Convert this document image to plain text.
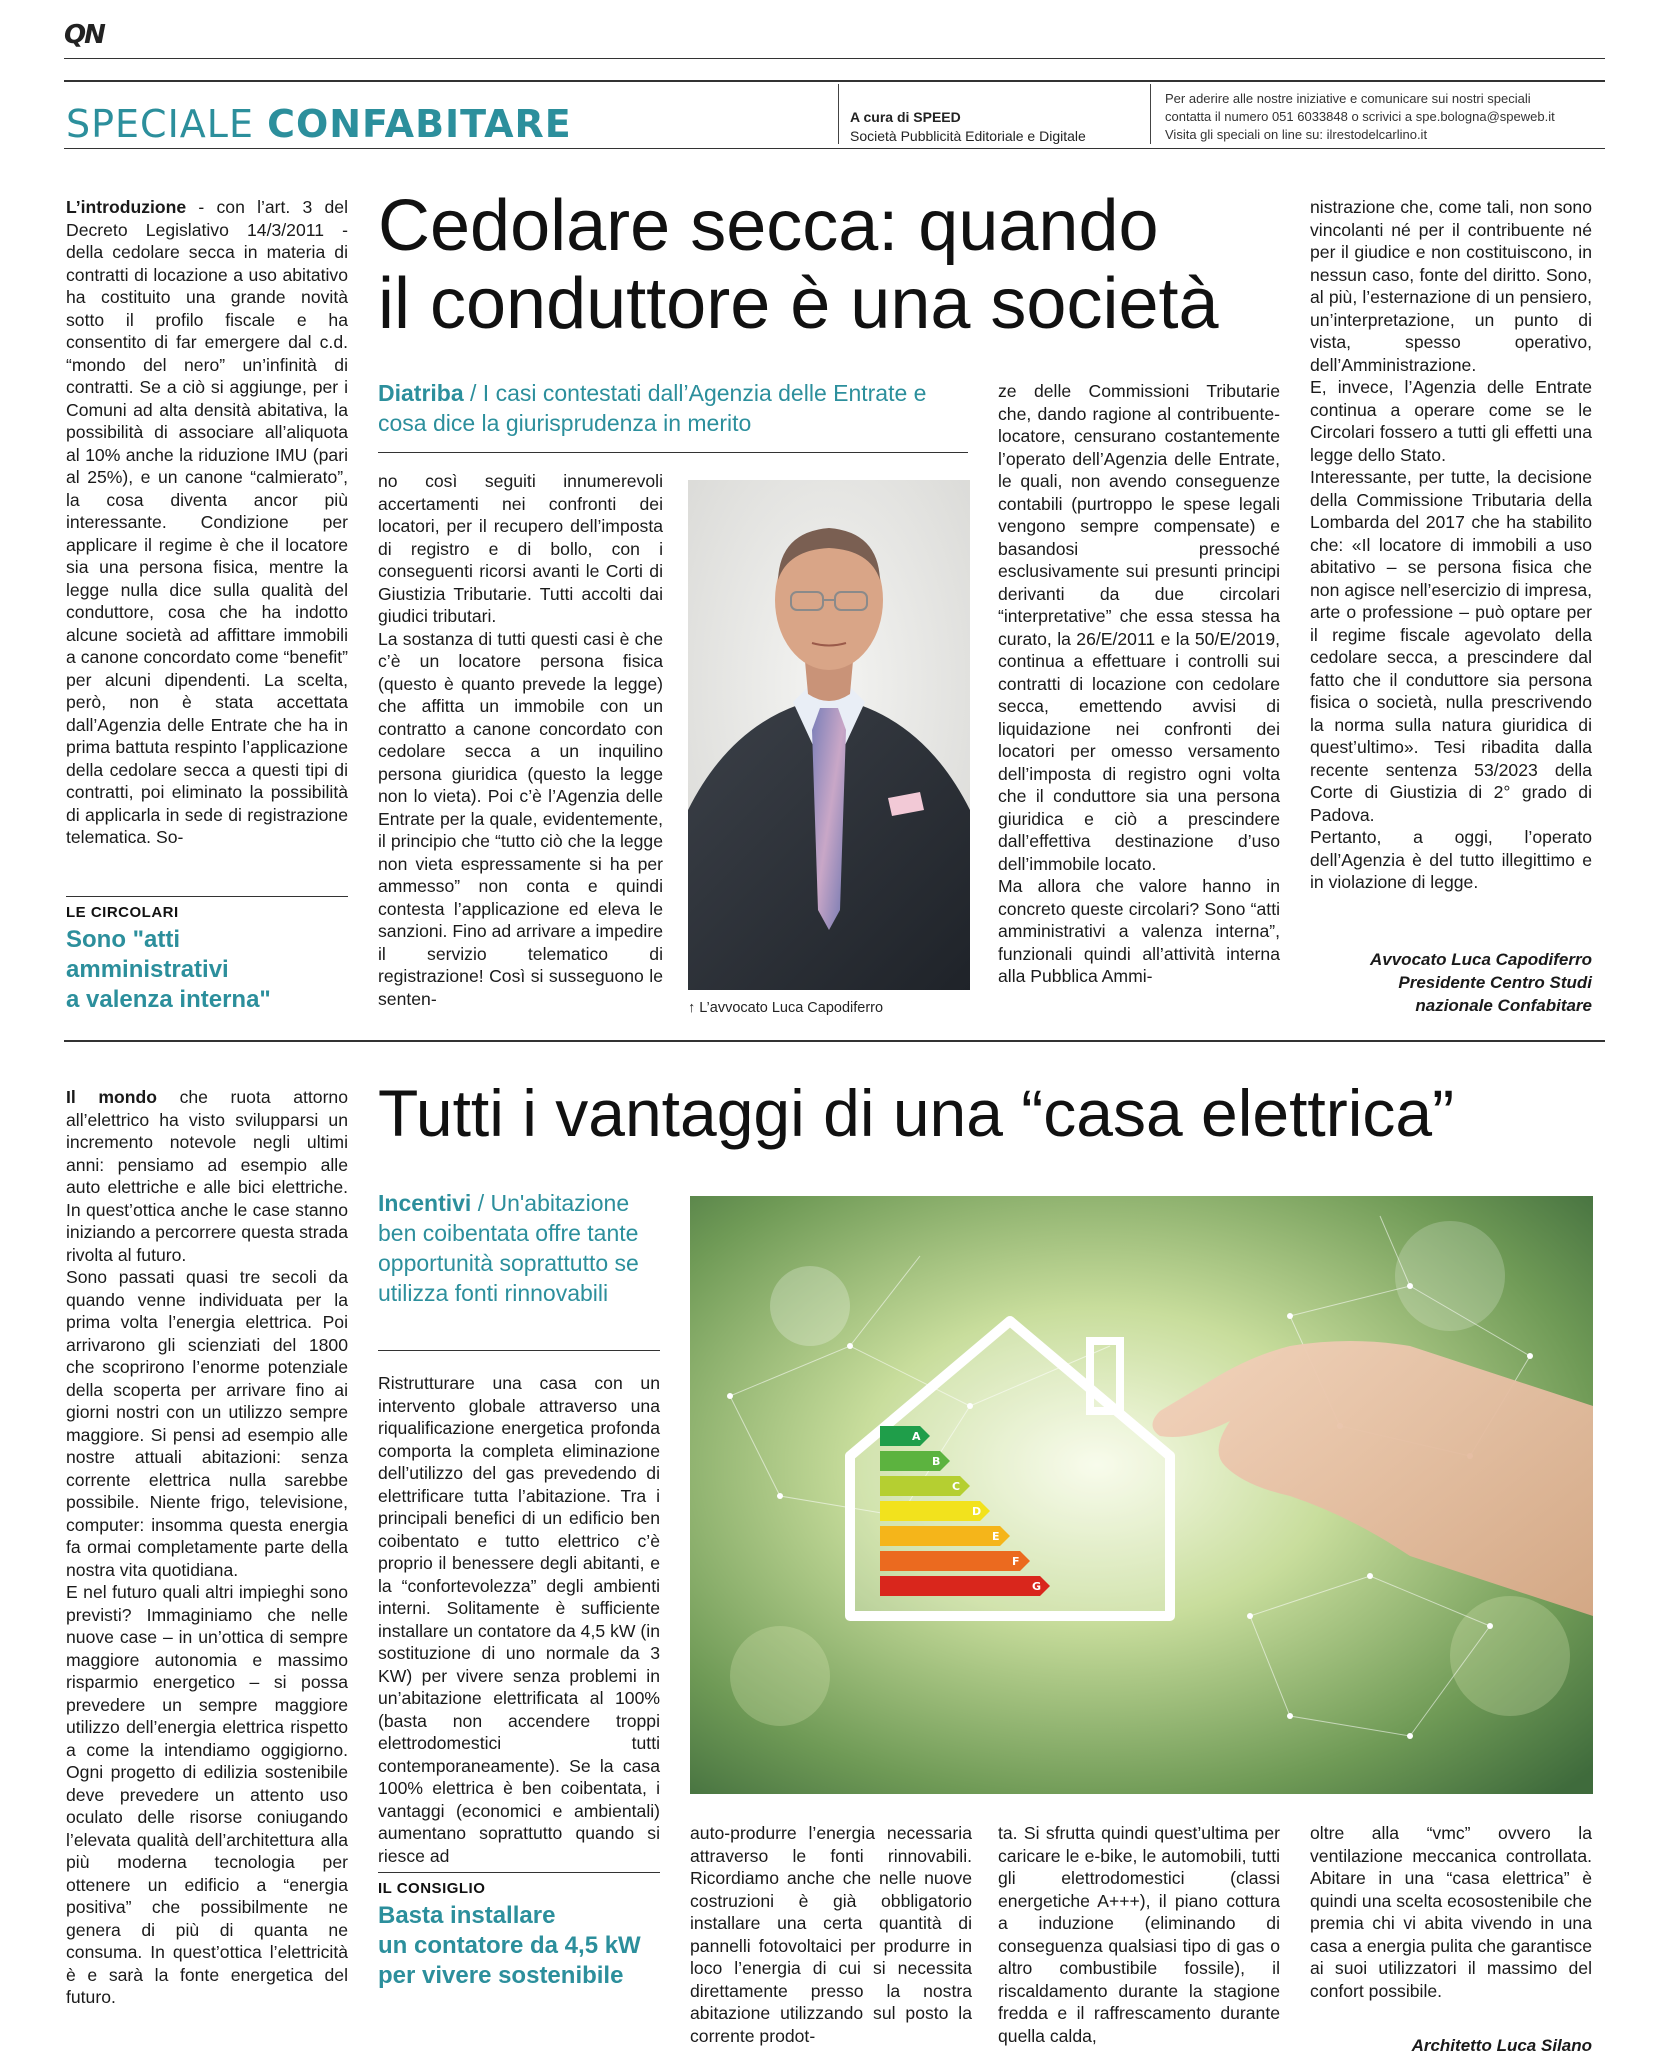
QN
SPECIALE CONFABITARE	A cura di SPEED
Società Pubblicità Editoriale e Digitale
Per aderire alle nostre iniziative e comunicare sui nostri speciali
contatta il numero 051 6033848 o scrivici a spe.bologna@speweb.it
Visita gli speciali on line su: ilrestodelcarlino.it

L’introduzione - con l’art. 3 del Decreto Legislativo 14/3/2011 - della cedolare secca in materia di contratti di locazione a uso abitativo ha costituito una grande novità sotto il profilo fiscale e ha consentito di far emergere dal c.d. “mondo del nero” un’infinità di contratti. Se a ciò si aggiunge, per i Comuni ad alta densità abitativa, la possibilità di associare all’aliquota al 10% anche la riduzione IMU (pari al 25%), e un canone “calmierato”, la cosa diventa ancor più interessante. Condizione per applicare il regime è che il locatore sia una persona fisica, mentre la legge nulla dice sulla qualità del conduttore, cosa che ha indotto alcune società ad affittare immobili a canone concordato come “benefit” per alcuni dipendenti. La scelta, però, non è stata accettata dall’Agenzia delle Entrate che ha in prima battuta respinto l’applicazione della cedolare secca a questi tipi di contratti, poi eliminato la possibilità di applicarla in sede di registrazione telematica. So-

LE CIRCOLARI
Sono "atti
amministrativi
a valenza interna"
Cedolare secca: quando
il conduttore è una società
Diatriba / I casi contestati dall’Agenzia delle Entrate e cosa dice la giurisprudenza in merito

no così seguiti innumerevoli accertamenti nei confronti dei locatori, per il recupero dell’imposta di registro e di bollo, con i conseguenti ricorsi avanti le Corti di Giustizia Tributarie. Tutti accolti dai giudici tributari.

La sostanza di tutti questi casi è che c’è un locatore persona fisica (questo è quanto prevede la legge) che affitta un immobile con un contratto a canone concordato con cedolare secca a un inquilino persona giuridica (questo la legge non lo vieta). Poi c’è l’Agenzia delle Entrate per la quale, evidentemente, il principio che “tutto ciò che la legge non vieta espressamente si ha per ammesso” non conta e quindi contesta l’applicazione ed eleva le sanzioni. Fino ad arrivare a impedire il servizio telematico di registrazione! Così si susseguono le senten-	↑ L’avvocato Luca Capodiferro

ze delle Commissioni Tributarie che, dando ragione al contribuente-locatore, censurano costantemente l’operato dell’Agenzia delle Entrate, le quali, non avendo conseguenze contabili (purtroppo le spese legali vengono sempre compensate) e basandosi pressoché esclusivamente sui presunti principi derivanti da due circolari “interpretative” che essa stessa ha curato, la 26/E/2011 e la 50/E/2019, continua a effettuare i controlli sui contratti di locazione con cedolare secca, emettendo avvisi di liquidazione nei confronti dei locatori per omesso versamento dell’imposta di registro ogni volta che il conduttore sia una persona giuridica e ciò a prescindere dall’effettiva destinazione d’uso dell’immobile locato.

Ma allora che valore hanno in concreto queste circolari? Sono “atti amministrativi a valenza interna”, funzionali quindi all’attività interna alla Pubblica Ammi-

nistrazione che, come tali, non sono vincolanti né per il contribuente né per il giudice e non costituiscono, in nessun caso, fonte del diritto. Sono, al più, l’esternazione di un pensiero, un’interpretazione, un punto di vista, spesso operativo, dell’Amministrazione.

E, invece, l’Agenzia delle Entrate continua a operare come se le Circolari fossero a tutti gli effetti una legge dello Stato.

Interessante, per tutte, la decisione della Commissione Tributaria della Lombarda del 2017 che ha stabilito che: «Il locatore di immobili a uso abitativo – se persona fisica che non agisce nell’esercizio di impresa, arte o professione – può optare per il regime fiscale agevolato della cedolare secca, a prescindere dal fatto che il conduttore sia persona fisica o società, nulla prescrivendo la norma sulla natura giuridica di quest’ultimo». Tesi ribadita dalla recente sentenza 53/2023 della Corte di Giustizia di 2° grado di Padova.

Pertanto, a oggi, l’operato dell’Agenzia è del tutto illegittimo e in violazione di legge.

Avvocato Luca Capodiferro
Presidente Centro Studi
nazionale Confabitare

Il mondo che ruota attorno all’elettrico ha visto svilupparsi un incremento notevole negli ultimi anni: pensiamo ad esempio alle auto elettriche e alle bici elettriche. In quest’ottica anche le case stanno iniziando a percorrere questa strada rivolta al futuro.

Sono passati quasi tre secoli da quando venne individuata per la prima volta l’energia elettrica. Poi arrivarono gli scienziati del 1800 che scoprirono l’enorme potenziale della scoperta per arrivare fino ai giorni nostri con un utilizzo sempre maggiore. Si pensi ad esempio alle nostre attuali abitazioni: senza corrente elettrica nulla sarebbe possibile. Niente frigo, televisione, computer: insomma questa energia fa ormai completamente parte della nostra vita quotidiana.

E nel futuro quali altri impieghi sono previsti? Immaginiamo che nelle nuove case – in un’ottica di sempre maggiore autonomia e massimo risparmio energetico – si possa prevedere un sempre maggiore utilizzo dell’energia elettrica rispetto a come la intendiamo oggigiorno. Ogni progetto di edilizia sostenibile deve prevedere un attento uso oculato delle risorse coniugando l’elevata qualità dell’architettura alla più moderna tecnologia per ottenere un edificio a “energia positiva” che possibilmente ne genera di più di quanta ne consuma. In quest’ottica l’elettricità è e sarà la fonte energetica del futuro.

Tutti i vantaggi di una “casa elettrica”
Incentivi / Un'abitazione ben coibentata offre tante opportunità soprattutto se utilizza fonti rinnovabili

Ristrutturare una casa con un intervento globale attraverso una riqualificazione energetica profonda comporta la completa eliminazione dell’utilizzo del gas prevedendo di elettrificare tutta l’abitazione. Tra i principali benefici di un edificio ben coibentato e tutto elettrico c’è proprio il benessere degli abitanti, e la “confortevolezza” degli ambienti interni. Solitamente è sufficiente installare un contatore da 4,5 kW (in sostituzione di uno normale da 3 KW) per vivere senza problemi in un’abitazione elettrificata al 100% (basta non accendere troppi elettrodomestici tutti contemporaneamente). Se la casa 100% elettrica è ben coibentata, i vantaggi (economici e ambientali) aumentano soprattutto quando si riesce ad

IL CONSIGLIO
Basta installare
un contatore da 4,5 kW
per vivere sostenibile
A
B
C
D
E
F
G

auto-produrre l’energia necessaria attraverso le fonti rinnovabili. Ricordiamo anche che nelle nuove costruzioni è già obbligatorio installare una certa quantità di pannelli fotovoltaici per produrre in loco l’energia di cui si necessita direttamente presso la nostra abitazione utilizzando sul posto la corrente prodot-

ta. Si sfrutta quindi quest’ultima per caricare le e-bike, le automobili, tutti gli elettrodomestici (classi energetiche A+++), il piano cottura a induzione (eliminando di conseguenza qualsiasi tipo di gas o altro combustibile fossile), il riscaldamento durante la stagione fredda e il raffrescamento durante quella calda,

oltre alla “vmc” ovvero la ventilazione meccanica controllata. Abitare in una “casa elettrica” è quindi una scelta ecosostenibile che premia chi vi abita vivendo in una casa a energia pulita che garantisce ai suoi utilizzatori il massimo del confort possibile.

Architetto Luca Silano
